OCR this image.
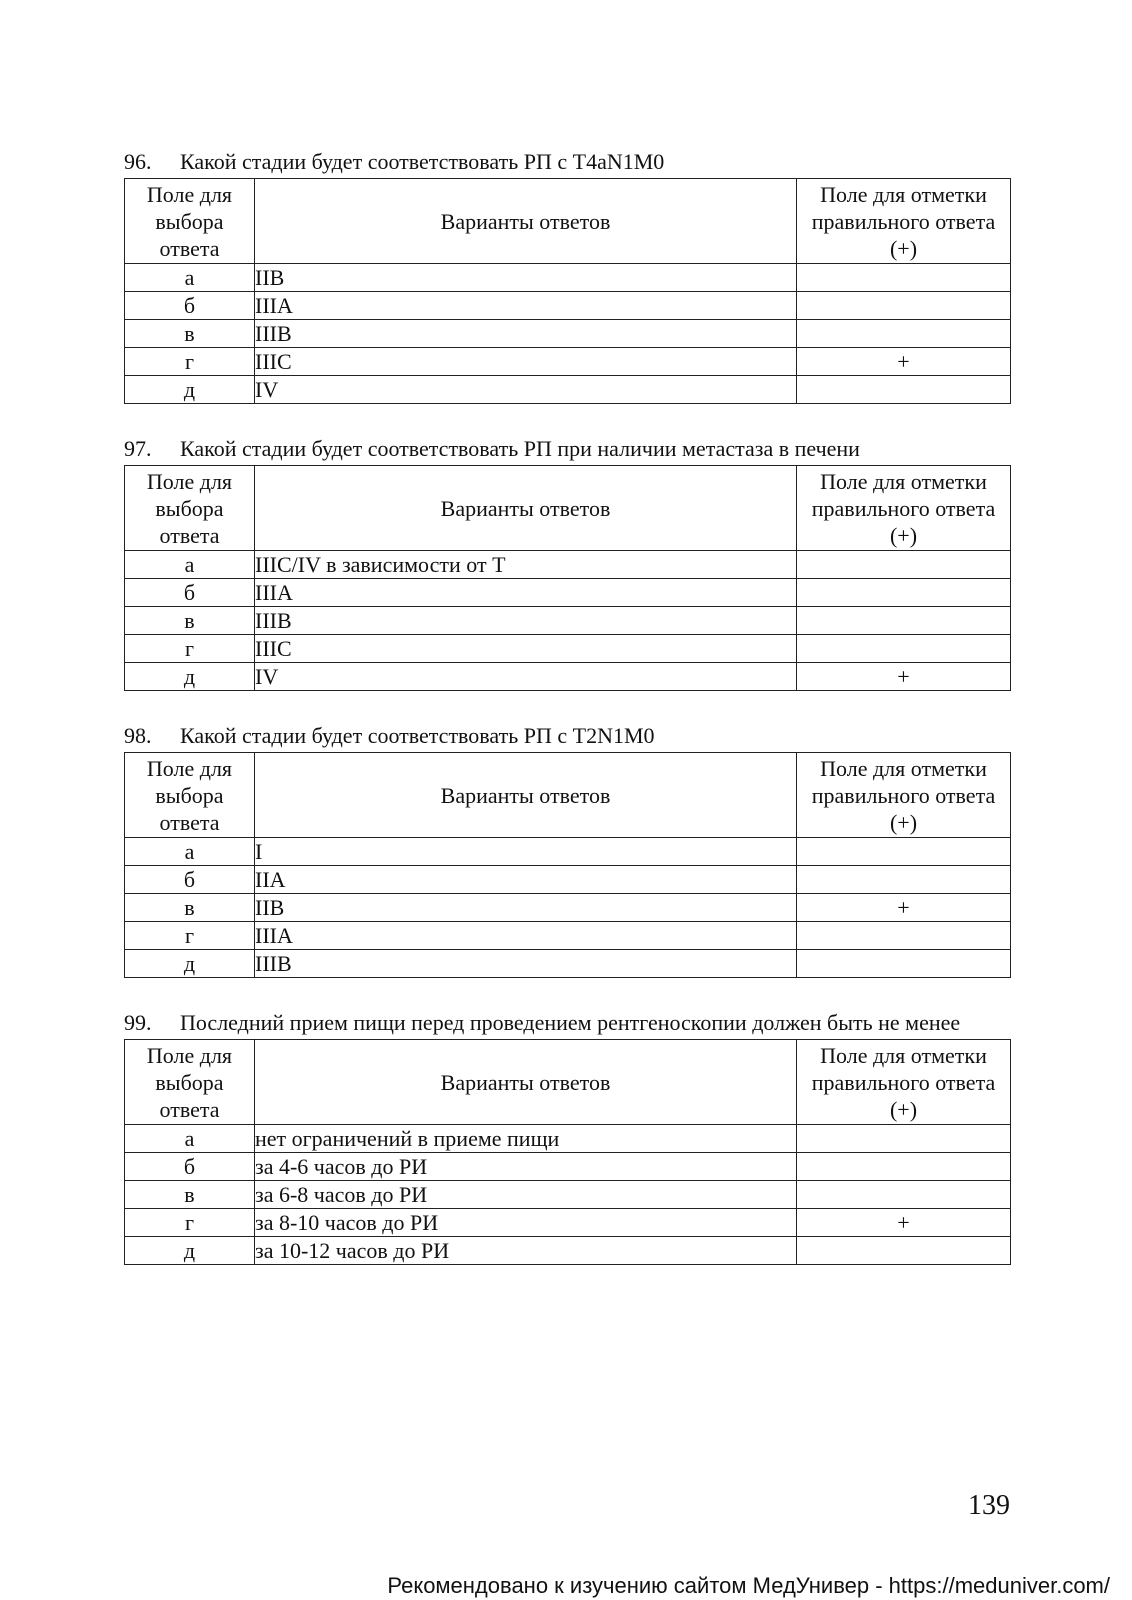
96. Какой стадии будет соответствовать РП с T4aN1M0
Поле для выбора ответа	Варианты ответов	Поле для отметки правильного ответа (+)
а	IIB	
б	IIIA	
в	IIIB	
г	IIIC	+
д	IV	
97. Какой стадии будет соответствовать РП при наличии метастаза в печени
Поле для выбора ответа	Варианты ответов	Поле для отметки правильного ответа (+)
а	IIIC/IV в зависимости от T	
б	IIIA	
в	IIIB	
г	IIIC	
д	IV	+
98. Какой стадии будет соответствовать РП с T2N1M0
Поле для выбора ответа	Варианты ответов	Поле для отметки правильного ответа (+)
а	I	
б	IIA	
в	IIB	+
г	IIIA	
д	IIIB	
99. Последний прием пищи перед проведением рентгеноскопии должен быть не менее
Поле для выбора ответа	Варианты ответов	Поле для отметки правильного ответа (+)
а	нет ограничений в приеме пищи	
б	за 4-6 часов до РИ	
в	за 6-8 часов до РИ	
г	за 8-10 часов до РИ	+
д	за 10-12 часов до РИ	
139
Рекомендовано к изучению сайтом МедУнивер - https://meduniver.com/
